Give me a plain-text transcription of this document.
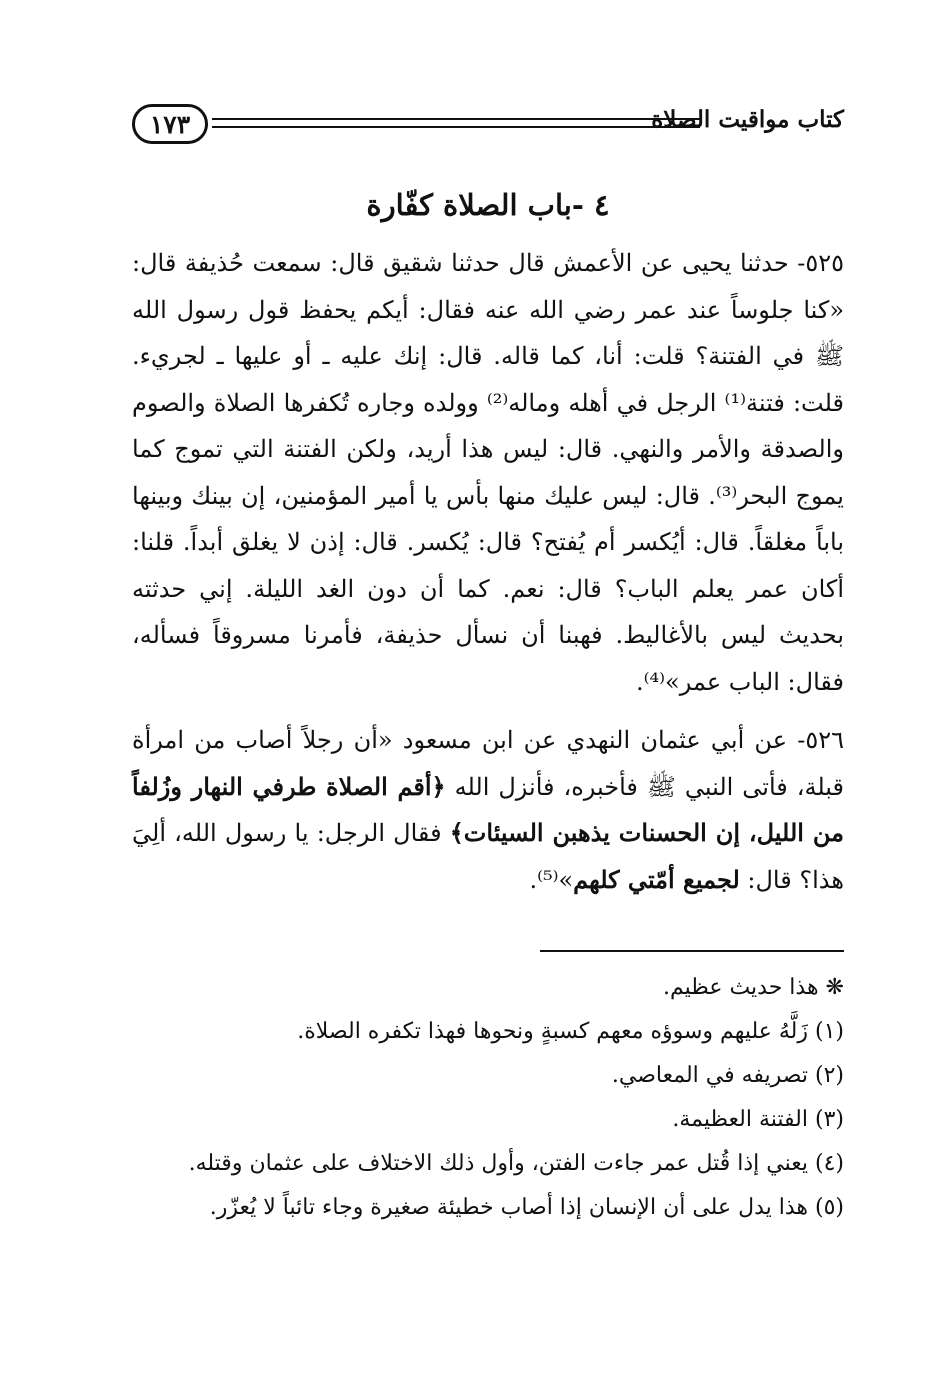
١٧٣	كتاب مواقيت الصلاة
٤ -باب الصلاة كفّارة

٥٢٥- حدثنا يحيى عن الأعمش قال حدثنا شقيق قال: سمعت حُذيفة قال: «كنا جلوساً عند عمر رضي الله عنه فقال: أيكم يحفظ قول رسول الله ﷺ في الفتنة؟ قلت: أنا، كما قاله. قال: إنك عليه ـ أو عليها ـ لجريء. قلت: فتنة⁽¹⁾ الرجل في أهله وماله⁽²⁾ وولده وجاره تُكفرها الصلاة والصوم والصدقة والأمر والنهي. قال: ليس هذا أريد، ولكن الفتنة التي تموج كما يموج البحر⁽³⁾. قال: ليس عليك منها بأس يا أمير المؤمنين، إن بينك وبينها باباً مغلقاً. قال: أيُكسر أم يُفتح؟ قال: يُكسر. قال: إذن لا يغلق أبداً. قلنا: أكان عمر يعلم الباب؟ قال: نعم. كما أن دون الغد الليلة. إني حدثته بحديث ليس بالأغاليط. فهبنا أن نسأل حذيفة، فأمرنا مسروقاً فسأله، فقال: الباب عمر»⁽⁴⁾.

٥٢٦- عن أبي عثمان النهدي عن ابن مسعود «أن رجلاً أصاب من امرأة قبلة، فأتى النبي ﷺ فأخبره، فأنزل الله ﴿أقم الصلاة طرفي النهار وزُلفاً من الليل، إن الحسنات يذهبن السيئات﴾ فقال الرجل: يا رسول الله، ألِيَ هذا؟ قال: لجميع أمّتي كلهم»⁽⁵⁾.

❋ هذا حديث عظيم.

(١) زَلَّهُ عليهم وسوؤه معهم كسبةٍ ونحوها فهذا تكفره الصلاة.

(٢) تصريفه في المعاصي.

(٣) الفتنة العظيمة.

(٤) يعني إذا قُتل عمر جاءت الفتن، وأول ذلك الاختلاف على عثمان وقتله.

(٥) هذا يدل على أن الإنسان إذا أصاب خطيئة صغيرة وجاء تائباً لا يُعزّر.
